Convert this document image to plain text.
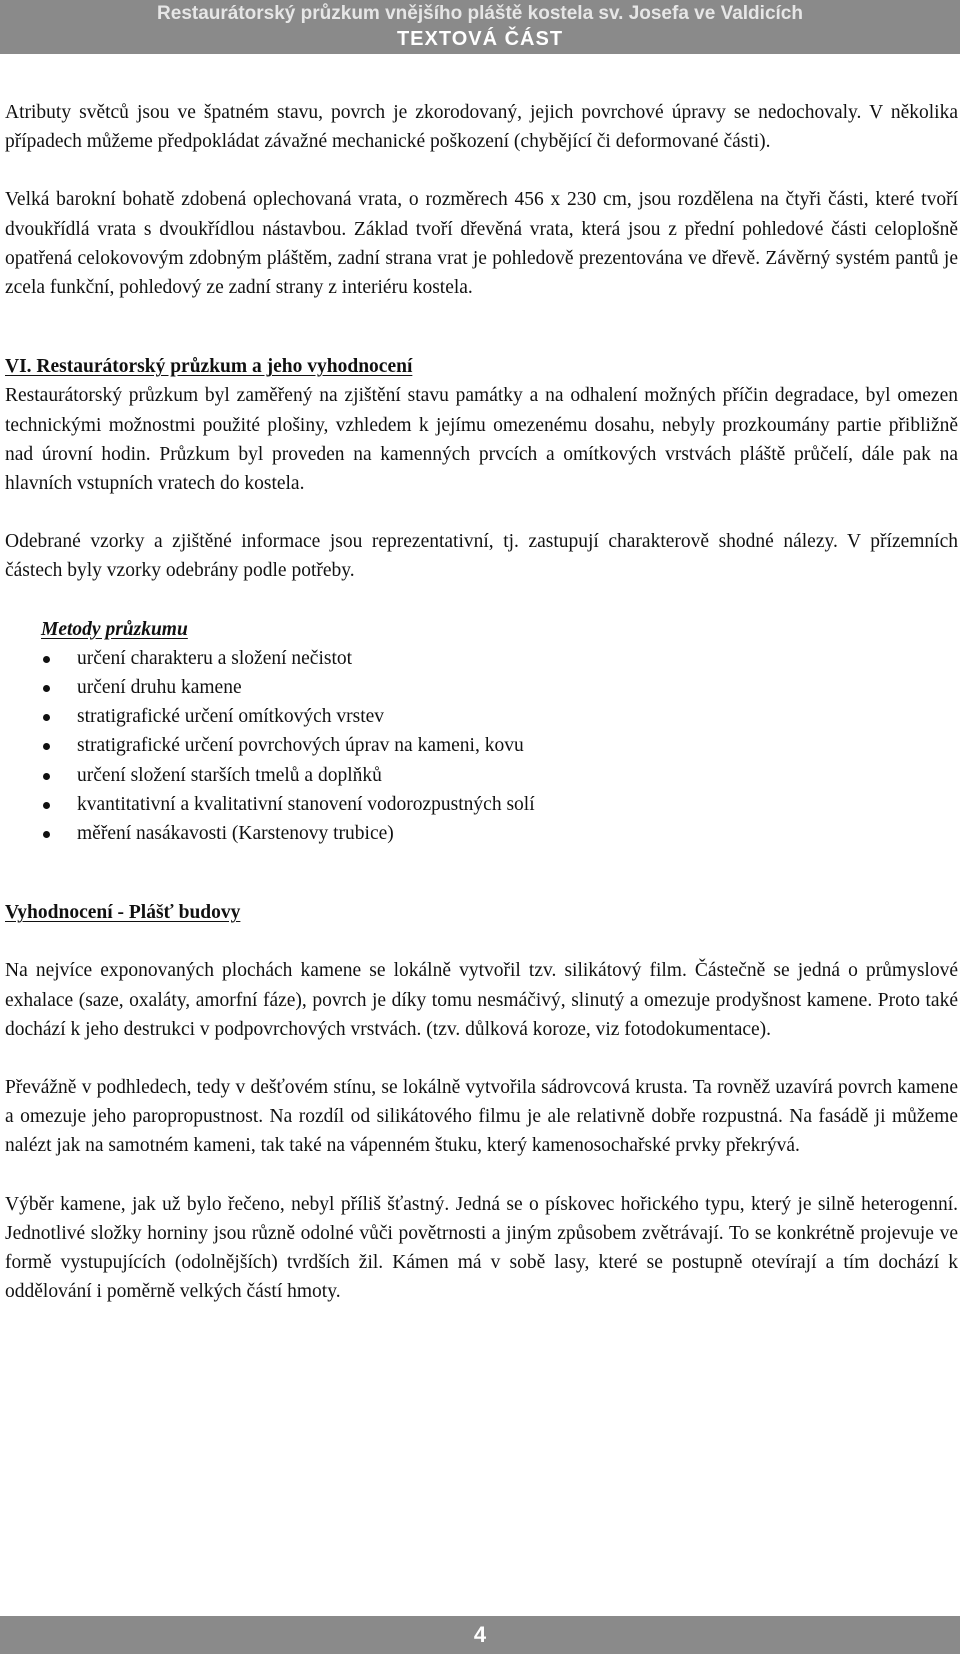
Restaurátorský průzkum vnějšího pláště kostela sv. Josefa ve Valdicích
TEXTOVÁ ČÁST

Atributy světců jsou ve špatném stavu, povrch je zkorodovaný, jejich povrchové úpravy se nedochovaly. V několika případech můžeme předpokládat závažné mechanické poškození (chybějící či deformované části).

Velká barokní bohatě zdobená oplechovaná vrata, o rozměrech 456 x 230 cm, jsou rozdělena na čtyři části, které tvoří dvoukřídlá vrata s dvoukřídlou nástavbou. Základ tvoří dřevěná vrata, která jsou z přední pohledové části celoplošně opatřená celokovovým zdobným pláštěm, zadní strana vrat je pohledově prezentována ve dřevě. Závěrný systém pantů je zcela funkční, pohledový ze zadní strany z interiéru kostela.

VI. Restaurátorský průzkum a jeho vyhodnocení

Restaurátorský průzkum byl zaměřený na zjištění stavu památky a na odhalení možných příčin degradace, byl omezen technickými možnostmi použité plošiny, vzhledem k jejímu omezenému dosahu, nebyly prozkoumány partie přibližně nad úrovní hodin. Průzkum byl proveden na kamenných prvcích a omítkových vrstvách pláště průčelí, dále pak na hlavních vstupních vratech do kostela.

Odebrané vzorky a zjištěné informace jsou reprezentativní, tj. zastupují charakterově shodné nálezy. V přízemních částech byly vzorky odebrány podle potřeby.

Metody průzkumu

určení charakteru a složení nečistot
určení druhu kamene
stratigrafické určení omítkových vrstev
stratigrafické určení povrchových úprav na kameni, kovu
určení složení starších tmelů a doplňků
kvantitativní a kvalitativní stanovení vodorozpustných solí
měření nasákavosti (Karstenovy trubice)

Vyhodnocení - Plášť budovy

Na nejvíce exponovaných plochách kamene se lokálně vytvořil tzv. silikátový film. Částečně se jedná o průmyslové exhalace (saze, oxaláty, amorfní fáze), povrch je díky tomu nesmáčivý, slinutý a omezuje prodyšnost kamene. Proto také dochází k jeho destrukci v podpovrchových vrstvách. (tzv. důlková koroze, viz fotodokumentace).

Převážně v podhledech, tedy v dešťovém stínu, se lokálně vytvořila sádrovcová krusta. Ta rovněž uzavírá povrch kamene a omezuje jeho paropropustnost. Na rozdíl od silikátového filmu je ale relativně dobře rozpustná. Na fasádě ji můžeme nalézt jak na samotném kameni, tak také na vápenném štuku, který kamenosochařské prvky překrývá.

Výběr kamene, jak už bylo řečeno, nebyl příliš šťastný. Jedná se o pískovec hořického typu, který je silně heterogenní. Jednotlivé složky horniny jsou různě odolné vůči povětrnosti a jiným způsobem zvětrávají. To se konkrétně projevuje ve formě vystupujících (odolnějších) tvrdších žil. Kámen má v sobě lasy, které se postupně otevírají a tím dochází k oddělování i poměrně velkých částí hmoty.

4
